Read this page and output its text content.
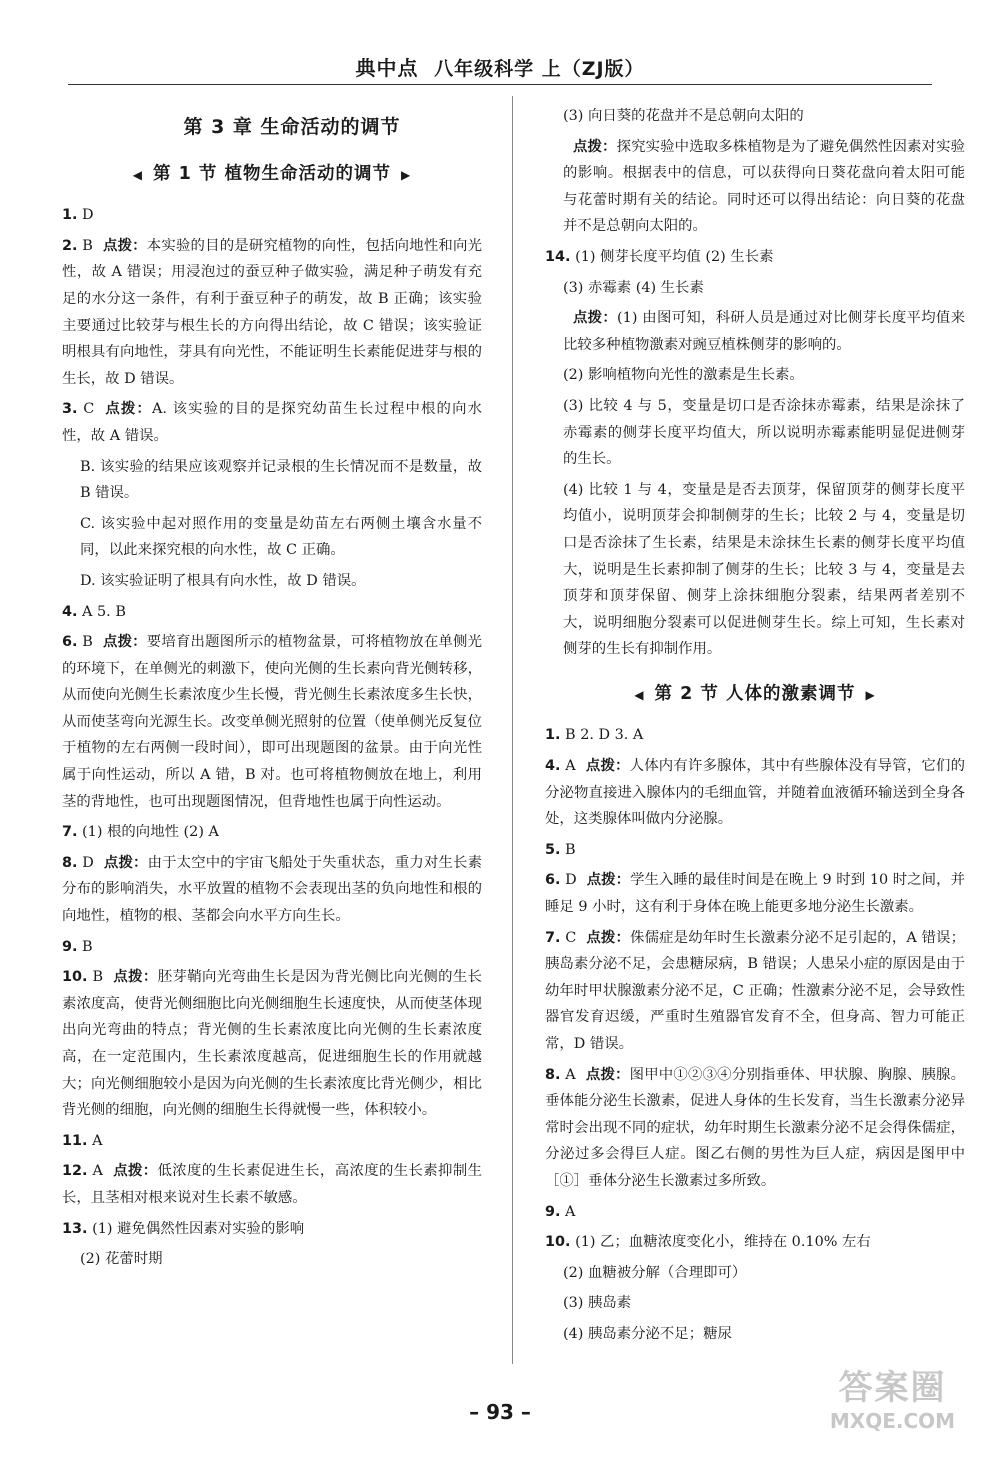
典中点 八年级科学 上（ZJ版）
第 3 章 生命活动的调节
◀ 第 1 节 植物生命活动的调节 ▶
1. D
2. B 点拨：本实验的目的是研究植物的向性，包括向地性和向光性，故 A 错误；用浸泡过的蚕豆种子做实验，满足种子萌发有充足的水分这一条件，有利于蚕豆种子的萌发，故 B 正确；该实验主要通过比较芽与根生长的方向得出结论，故 C 错误；该实验证明根具有向地性，芽具有向光性，不能证明生长素能促进芽与根的生长，故 D 错误。
3. C 点拨：A. 该实验的目的是探究幼苗生长过程中根的向水性，故 A 错误。
B. 该实验的结果应该观察并记录根的生长情况而不是数量，故 B 错误。
C. 该实验中起对照作用的变量是幼苗左右两侧土壤含水量不同，以此来探究根的向水性，故 C 正确。
D. 该实验证明了根具有向水性，故 D 错误。
4. A 5. B
6. B 点拨：要培育出题图所示的植物盆景，可将植物放在单侧光的环境下，在单侧光的刺激下，使向光侧的生长素向背光侧转移，从而使向光侧生长素浓度少生长慢，背光侧生长素浓度多生长快，从而使茎弯向光源生长。改变单侧光照射的位置（使单侧光反复位于植物的左右两侧一段时间），即可出现题图的盆景。由于向光性属于向性运动，所以 A 错，B 对。也可将植物侧放在地上，利用茎的背地性，也可出现题图情况，但背地性也属于向性运动。
7. (1) 根的向地性 (2) A
8. D 点拨：由于太空中的宇宙飞船处于失重状态，重力对生长素分布的影响消失，水平放置的植物不会表现出茎的负向地性和根的向地性，植物的根、茎都会向水平方向生长。
9. B
10. B 点拨：胚芽鞘向光弯曲生长是因为背光侧比向光侧的生长素浓度高，使背光侧细胞比向光侧细胞生长速度快，从而使茎体现出向光弯曲的特点；背光侧的生长素浓度比向光侧的生长素浓度高，在一定范围内，生长素浓度越高，促进细胞生长的作用就越大；向光侧细胞较小是因为向光侧的生长素浓度比背光侧少，相比背光侧的细胞，向光侧的细胞生长得就慢一些，体积较小。
11. A
12. A 点拨：低浓度的生长素促进生长，高浓度的生长素抑制生长，且茎相对根来说对生长素不敏感。
13. (1) 避免偶然性因素对实验的影响
(2) 花蕾时期
(3) 向日葵的花盘并不是总朝向太阳的
点拨：探究实验中选取多株植物是为了避免偶然性因素对实验的影响。根据表中的信息，可以获得向日葵花盘向着太阳可能与花蕾时期有关的结论。同时还可以得出结论：向日葵的花盘并不是总朝向太阳的。
14. (1) 侧芽长度平均值 (2) 生长素
(3) 赤霉素 (4) 生长素
点拨：(1) 由图可知，科研人员是通过对比侧芽长度平均值来比较多种植物激素对豌豆植株侧芽的影响的。
(2) 影响植物向光性的激素是生长素。
(3) 比较 4 与 5，变量是切口是否涂抹赤霉素，结果是涂抹了赤霉素的侧芽长度平均值大，所以说明赤霉素能明显促进侧芽的生长。
(4) 比较 1 与 4，变量是是否去顶芽，保留顶芽的侧芽长度平均值小，说明顶芽会抑制侧芽的生长；比较 2 与 4，变量是切口是否涂抹了生长素，结果是未涂抹生长素的侧芽长度平均值大，说明是生长素抑制了侧芽的生长；比较 3 与 4，变量是去顶芽和顶芽保留、侧芽上涂抹细胞分裂素，结果两者差别不大，说明细胞分裂素可以促进侧芽生长。综上可知，生长素对侧芽的生长有抑制作用。
◀ 第 2 节 人体的激素调节 ▶
1. B 2. D 3. A
4. A 点拨：人体内有许多腺体，其中有些腺体没有导管，它们的分泌物直接进入腺体内的毛细血管，并随着血液循环输送到全身各处，这类腺体叫做内分泌腺。
5. B
6. D 点拨：学生入睡的最佳时间是在晚上 9 时到 10 时之间，并睡足 9 小时，这有利于身体在晚上能更多地分泌生长激素。
7. C 点拨：侏儒症是幼年时生长激素分泌不足引起的，A 错误；胰岛素分泌不足，会患糖尿病，B 错误；人患呆小症的原因是由于幼年时甲状腺激素分泌不足，C 正确；性激素分泌不足，会导致性器官发育迟缓，严重时生殖器官发育不全，但身高、智力可能正常，D 错误。
8. A 点拨：图甲中①②③④分别指垂体、甲状腺、胸腺、胰腺。垂体能分泌生长激素，促进人身体的生长发育，当生长激素分泌异常时会出现不同的症状，幼年时期生长激素分泌不足会得侏儒症，分泌过多会得巨人症。图乙右侧的男性为巨人症，病因是图甲中［①］垂体分泌生长激素过多所致。
9. A
10. (1) 乙；血糖浓度变化小，维持在 0.10% 左右
(2) 血糖被分解（合理即可）
(3) 胰岛素
(4) 胰岛素分泌不足；糖尿
– 93 –
答案圈
MXQE.COM
